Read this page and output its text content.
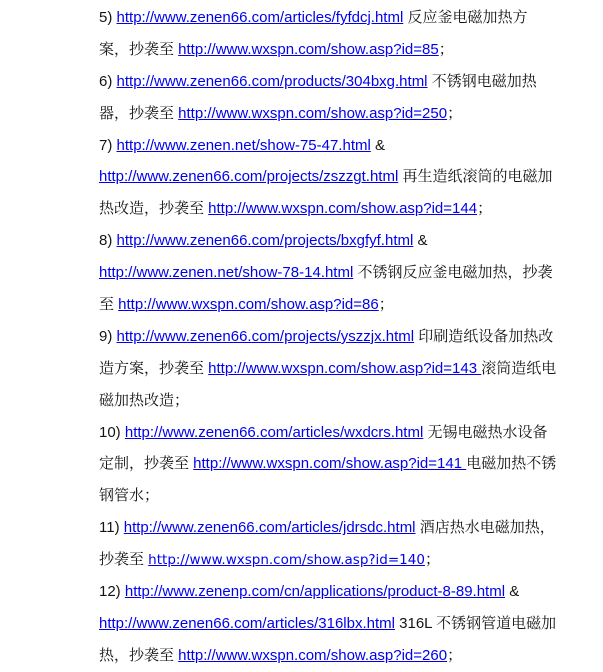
5) http://www.zenen66.com/articles/fyfdcj.html 反应釜电磁加热方
案，抄袭至 http://www.wxspn.com/show.asp?id=85；
6) http://www.zenen66.com/products/304bxg.html 不锈钢电磁加热
器，抄袭至 http://www.wxspn.com/show.asp?id=250；
7) http://www.zenen.net/show-75-47.html &
http://www.zenen66.com/projects/zszzgt.html 再生造纸滚筒的电磁加
热改造，抄袭至 http://www.wxspn.com/show.asp?id=144；
8) http://www.zenen66.com/projects/bxgfyf.html &
http://www.zenen.net/show-78-14.html 不锈钢反应釜电磁加热，抄袭
至 http://www.wxspn.com/show.asp?id=86；
9) http://www.zenen66.com/projects/yszzjx.html 印刷造纸设备加热改
造方案，抄袭至 http://www.wxspn.com/show.asp?id=143 滚筒造纸电
磁加热改造；
10) http://www.zenen66.com/articles/wxdcrs.html 无锡电磁热水设备
定制，抄袭至 http://www.wxspn.com/show.asp?id=141 电磁加热不锈
钢管水；
11) http://www.zenen66.com/articles/jdrsdc.html 酒店热水电磁加热，
抄袭至 http://www.wxspn.com/show.asp?id=140；
12) http://www.zenenp.com/cn/applications/product-8-89.html &
http://www.zenen66.com/articles/316lbx.html 316L 不锈钢管道电磁加
热，抄袭至 http://www.wxspn.com/show.asp?id=260；
